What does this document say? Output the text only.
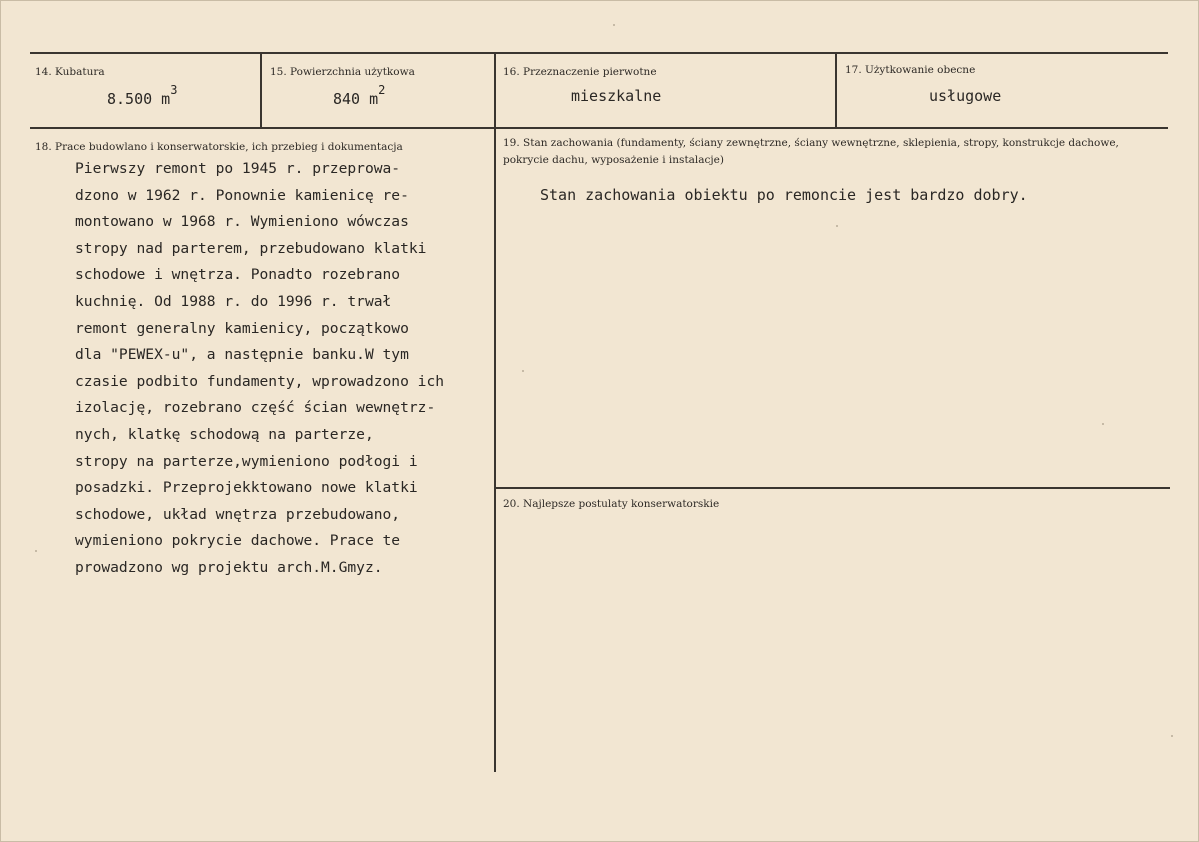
14. Kubatura
8.500 $m^3$
15. Powierzchnia użytkowa
840 $m^2$
16. Przeznaczenie pierwotne
mieszkalne
17. Użytkowanie obecne
usługowe
18. Prace budowlano i konserwatorskie, ich przebieg i dokumentacja
Pierwszy remont po 1945 r. przeprowa-
dzono w 1962 r. Ponownie kamienicę re-
montowano w 1968 r. Wymieniono wówczas
stropy nad parterem, przebudowano klatki
schodowe i wnętrza. Ponadto rozebrano
kuchnię. Od 1988 r. do 1996 r. trwał
remont generalny kamienicy, początkowo
dla "PEWEX-u", a następnie banku.W tym
czasie podbito fundamenty, wprowadzono ich
izolację, rozebrano część ścian wewnętrz-
nych, klatkę schodową na parterze,
stropy na parterze,wymieniono podłogi i
posadzki. Przeprojekktowano nowe klatki
schodowe, układ wnętrza przebudowano,
wymieniono pokrycie dachowe. Prace te
prowadzono wg projektu arch.M.Gmyz.
19. Stan zachowania (fundamenty, ściany zewnętrzne, ściany wewnętrzne, sklepienia, stropy, konstrukcje dachowe, pokrycie dachu, wyposażenie i instalacje)
Stan zachowania obiektu po remoncie jest bardzo dobry.
20. Najlepsze postulaty konserwatorskie
